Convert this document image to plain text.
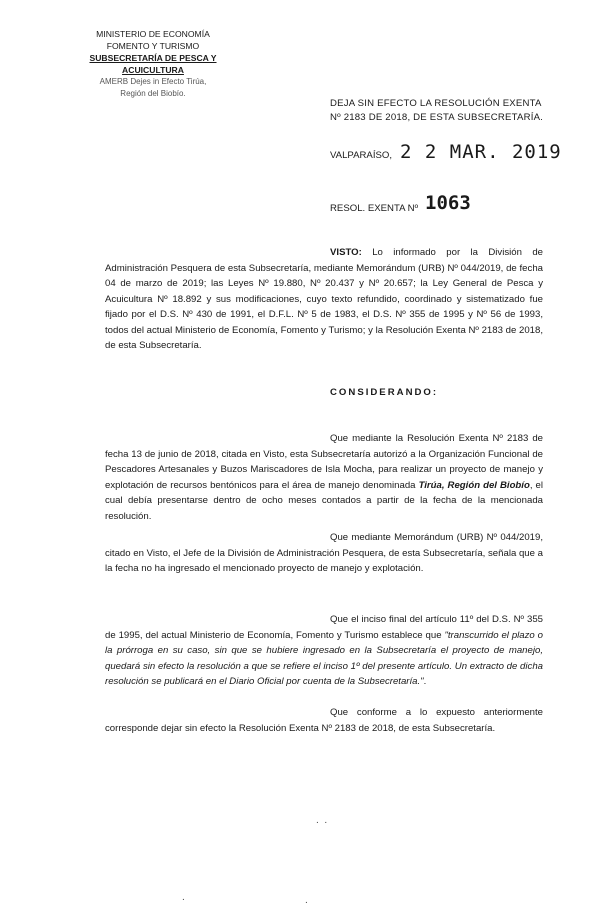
MINISTERIO DE ECONOMÍA
FOMENTO Y TURISMO
SUBSECRETARÍA DE PESCA Y ACUICULTURA
AMERB Dejes in Efecto Tirúa,
Región del Biobío.
DEJA SIN EFECTO LA RESOLUCIÓN EXENTA Nº 2183 DE 2018, DE ESTA SUBSECRETARÍA.
VALPARAÍSO, 2 2 MAR. 2019
RESOL. EXENTA Nº 1063
VISTO: Lo informado por la División de Administración Pesquera de esta Subsecretaría, mediante Memorándum (URB) Nº 044/2019, de fecha 04 de marzo de 2019; las Leyes Nº 19.880, Nº 20.437 y Nº 20.657; la Ley General de Pesca y Acuicultura Nº 18.892 y sus modificaciones, cuyo texto refundido, coordinado y sistematizado fue fijado por el D.S. Nº 430 de 1991, el D.F.L. Nº 5 de 1983, el D.S. Nº 355 de 1995 y Nº 56 de 1993, todos del actual Ministerio de Economía, Fomento y Turismo; y la Resolución Exenta Nº 2183 de 2018, de esta Subsecretaría.
CONSIDERANDO:
Que mediante la Resolución Exenta Nº 2183 de fecha 13 de junio de 2018, citada en Visto, esta Subsecretaría autorizó a la Organización Funcional de Pescadores Artesanales y Buzos Mariscadores de Isla Mocha, para realizar un proyecto de manejo y explotación de recursos bentónicos para el área de manejo denominada Tirúa, Región del Biobío, el cual debía presentarse dentro de ocho meses contados a partir de la fecha de la mencionada resolución.
Que mediante Memorándum (URB) Nº 044/2019, citado en Visto, el Jefe de la División de Administración Pesquera, de esta Subsecretaría, señala que a la fecha no ha ingresado el mencionado proyecto de manejo y explotación.
Que el inciso final del artículo 11º del D.S. Nº 355 de 1995, del actual Ministerio de Economía, Fomento y Turismo establece que "transcurrido el plazo o la prórroga en su caso, sin que se hubiere ingresado en la Subsecretaría el proyecto de manejo, quedará sin efecto la resolución a que se refiere el inciso 1º del presente artículo. Un extracto de dicha resolución se publicará en el Diario Oficial por cuenta de la Subsecretaría.".
Que conforme a lo expuesto anteriormente corresponde dejar sin efecto la Resolución Exenta Nº 2183 de 2018, de esta Subsecretaría.
.  .
.	.
